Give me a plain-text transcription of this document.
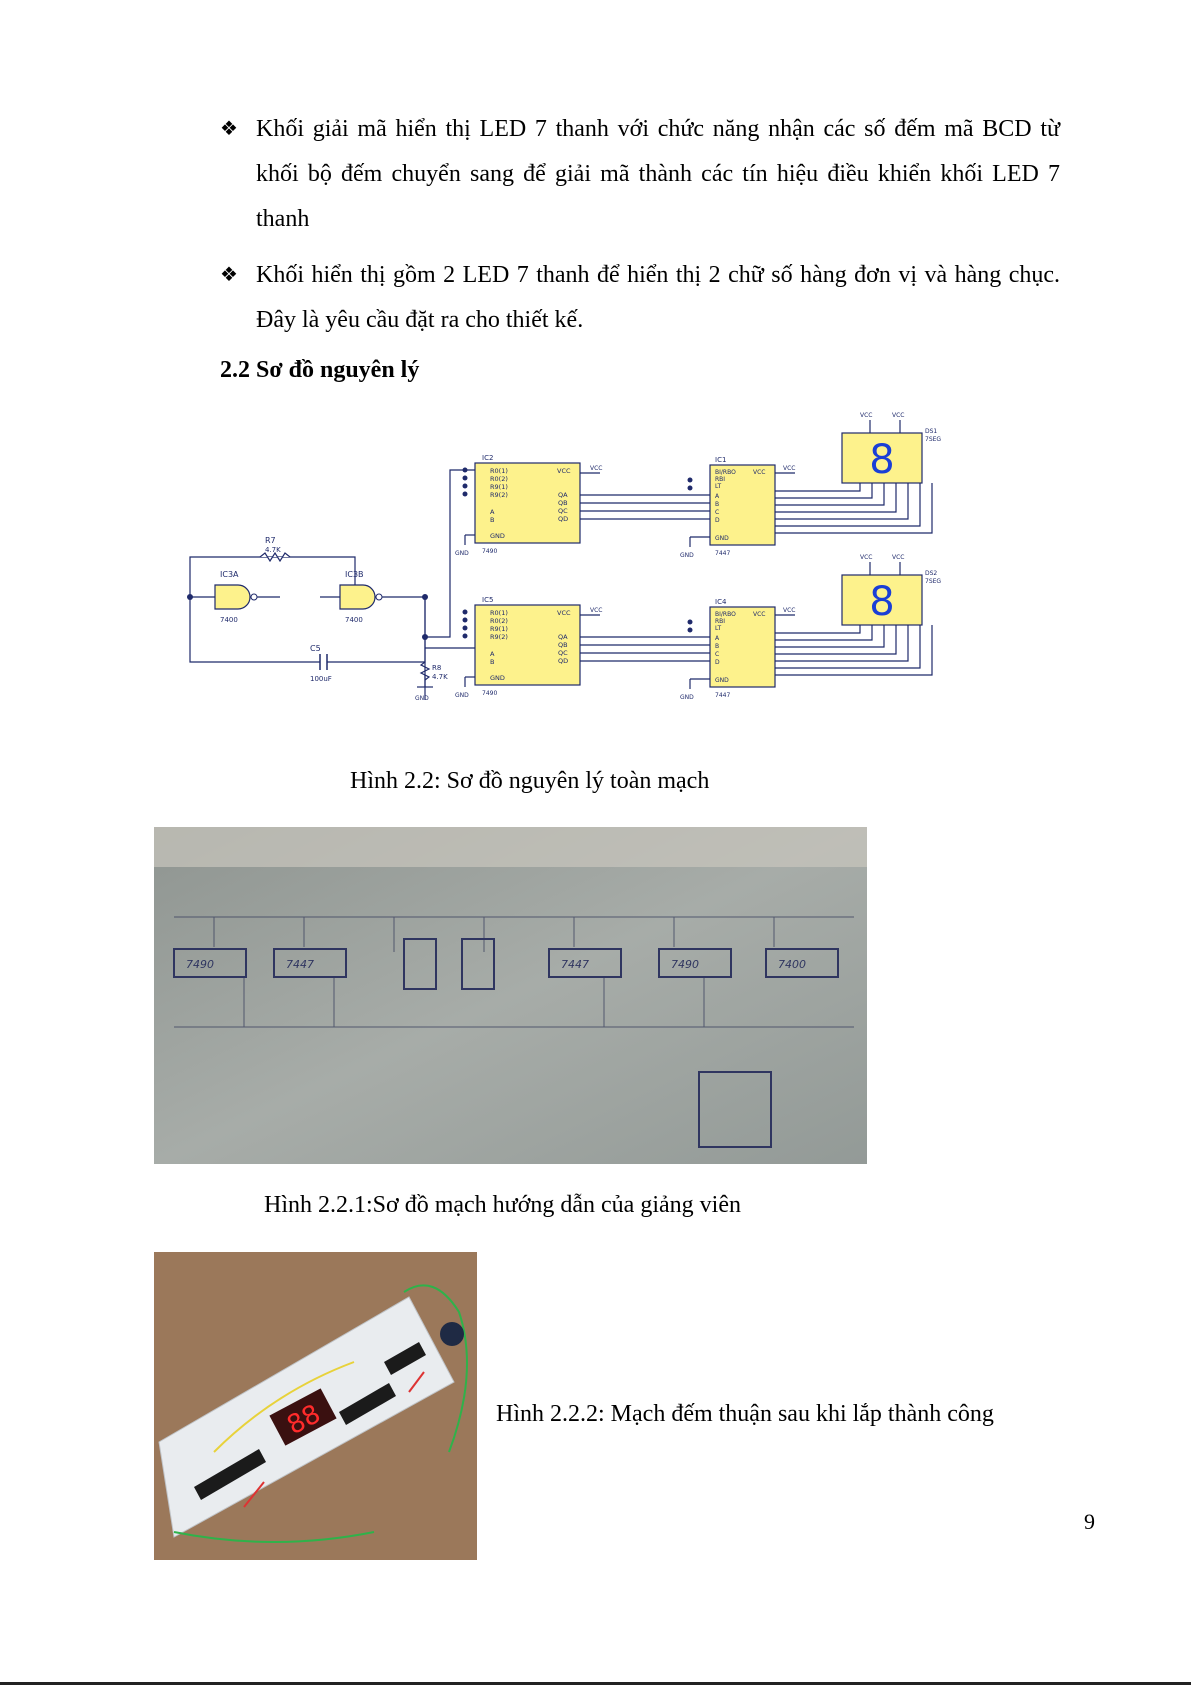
❖ Khối giải mã hiển thị LED 7 thanh với chức năng nhận các số đếm mã BCD từ khối bộ đếm chuyển sang để giải mã thành các tín hiệu điều khiển khối LED 7 thanh
❖ Khối hiển thị gồm 2 LED 7 thanh để hiển thị 2 chữ số hàng đơn vị và hàng chục. Đây là yêu cầu đặt ra cho thiết kế.
2.2 Sơ đồ nguyên lý
IC3A
7400
IC3B
7400
R7
4.7K
C5
100uF
R8
4.7K
GND
IC2
7490
R0(1)
R0(2)
R9(1)
R9(2)
A
B
GND
VCC
QA
QB
QC
QD
IC5
7490
R0(1)
R0(2)
R9(1)
R9(2)
A
B
GND
VCC
QA
QB
QC
QD
IC1
7447
BI/RBO
RBI
LT
A
B
C
D
GND
VCC
IC4
7447
BI/RBO
RBI
LT
A
B
C
D
GND
VCC
8
DS1
7SEG
8
DS2
7SEG
VCC	VCC
VCC	VCC
VCC	VCC
VCC	VCC
GND
GND
GND
GND
Hình 2.2: Sơ đồ nguyên lý toàn mạch
7490	7447	7447	7490	7400
Hình 2.2.1:Sơ đồ mạch hướng dẫn của giảng viên
88	Hình 2.2.2: Mạch đếm thuận sau khi lắp thành công
9
